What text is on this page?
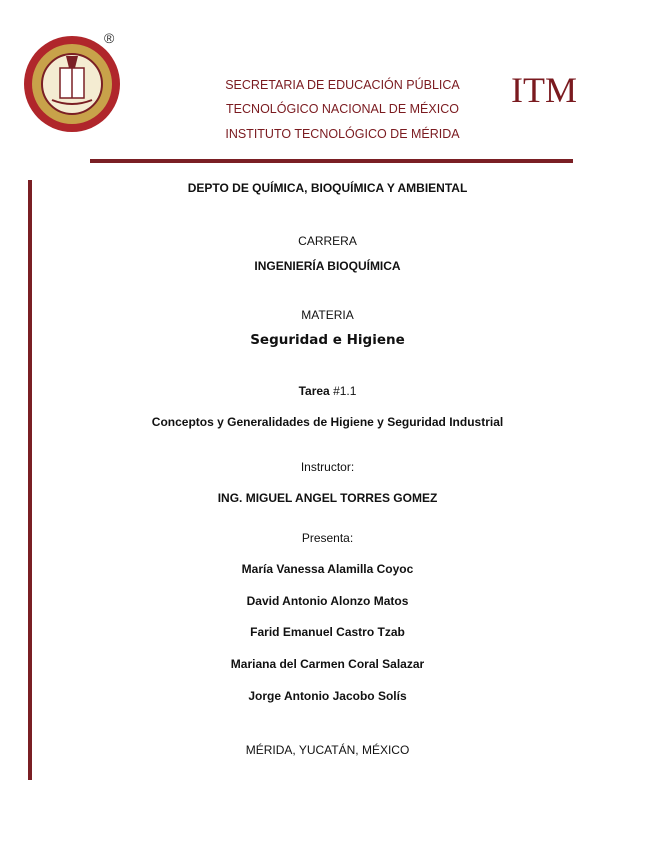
®
SECRETARIA DE EDUCACIÓN PÚBLICA
TECNOLÓGICO NACIONAL DE MÉXICO
INSTITUTO TECNOLÓGICO DE MÉRIDA
ITM
DEPTO DE QUÍMICA, BIOQUÍMICA Y AMBIENTAL
CARRERA
INGENIERÍA BIOQUÍMICA
MATERIA
Seguridad e Higiene
Tarea #1.1
Conceptos y Generalidades de Higiene y Seguridad Industrial
Instructor:
ING. MIGUEL ANGEL TORRES GOMEZ
Presenta:
María Vanessa Alamilla Coyoc
David Antonio Alonzo Matos
Farid Emanuel Castro Tzab
Mariana del Carmen Coral Salazar
Jorge Antonio Jacobo Solís
MÉRIDA, YUCATÁN, MÉXICO
